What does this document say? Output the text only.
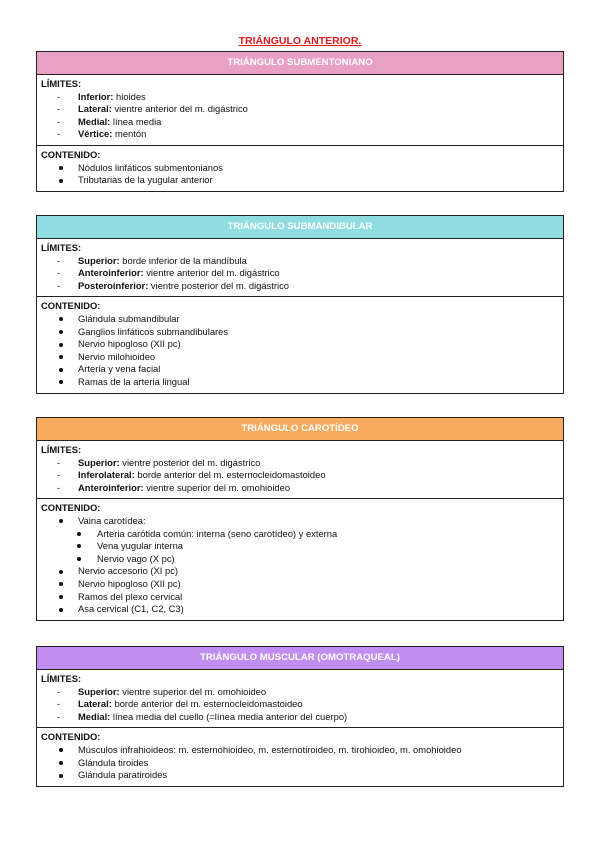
TRIÁNGULO ANTERIOR.
TRIÁNGULO SUBMENTONIANO
LÍMITES:
- Inferior: hioides
- Lateral: vientre anterior del m. digástrico
- Medial: línea media
- Vértice: mentón
CONTENIDO:
Nódulos linfáticos submentonianos
Tributarias de la yugular anterior
TRIÁNGULO SUBMANDIBULAR
LÍMITES:
- Superior: borde inferior de la mandíbula
- Anteroinferior: vientre anterior del m. digástrico
- Posteroinferior: vientre posterior del m. digástrico
CONTENIDO:
Glándula submandibular
Ganglios linfáticos submandibulares
Nervio hipogloso (XII pc)
Nervio milohioideo
Arteria y vena facial
Ramas de la arteria lingual
TRIÁNGULO CAROTÍDEO
LÍMITES:
- Superior: vientre posterior del m. digástrico
- Inferolateral: borde anterior del m. esternocleidomastoideo
- Anteroinferior: vientre superior del m. omohioideo
CONTENIDO:
Vaina carotídea:
Arteria carótida común: interna (seno carotídeo) y externa
Vena yugular interna
Nervio vago (X pc)
Nervio accesorio (XI pc)
Nervio hipogloso (XII pc)
Ramos del plexo cervical
Asa cervical (C1, C2, C3)
TRIÁNGULO MUSCULAR (OMOTRAQUEAL)
LÍMITES:
- Superior: vientre superior del m. omohioideo
- Lateral: borde anterior del m. esternocleidomastoideo
- Medial: línea media del cuello (=línea media anterior del cuerpo)
CONTENIDO:
Músculos infrahioideos: m. esternohioideo, m. esternotiroideo, m. tirohioideo, m. omohioideo
Glándula tiroides
Glándula paratiroides
